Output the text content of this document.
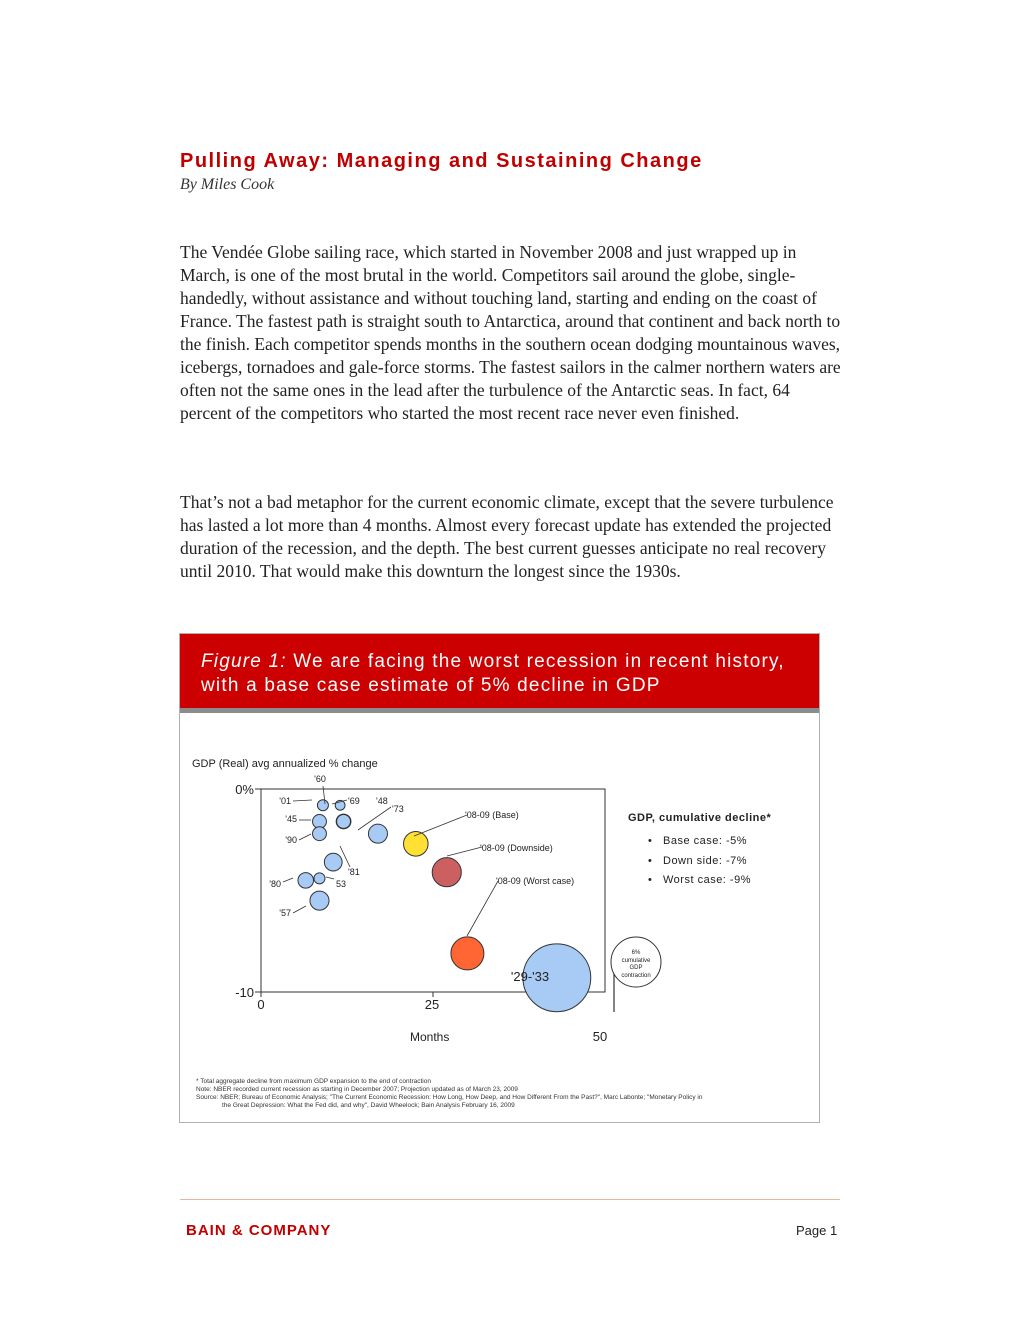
Pulling Away: Managing and Sustaining Change
By Miles Cook

The Vendée Globe sailing race, which started in November 2008 and just wrapped up in March, is one of the most brutal in the world. Competitors sail around the globe, single-handedly, without assistance and without touching land, starting and ending on the coast of France. The fastest path is straight south to Antarctica, around that continent and back north to the finish. Each competitor spends months in the southern ocean dodging mountainous waves, icebergs, tornadoes and gale-force storms. The fastest sailors in the calmer northern waters are often not the same ones in the lead after the turbulence of the Antarctic seas. In fact, 64 percent of the competitors who started the most recent race never even finished.

That’s not a bad metaphor for the current economic climate, except that the severe turbulence has lasted a lot more than 4 months. Almost every forecast update has extended the projected duration of the recession, and the depth. The best current guesses anticipate no real recovery until 2010. That would make this downturn the longest since the 1930s.

Figure 1: We are facing the worst recession in recent history, with a base case estimate of 5% decline in GDP
'60
'01	'69 '48
'73
'45
'90
'81
'80	53
'57
'08-09 (Base)
'08-09 (Downside)
'08-09 (Worst case)
'29-'33
GDP (Real) avg annualized % change
Months
0%
-10
0	25
50
GDP, cumulative decline*
• Base case: -5%
• Down side: -7%
• Worst case: -9%
6%
cumulative
GDP
contraction
* Total aggregate decline from maximum GDP expansion to the end of contraction
Note: NBER recorded current recession as starting in December 2007; Projection updated as of March 23, 2009
Source: NBER; Bureau of Economic Analysis; "The Current Economic Recession: How Long, How Deep, and How Different From the Past?", Marc Labonte; "Monetary Policy in
the Great Depression: What the Fed did, and why", David Wheelock; Bain Analysis February 16, 2009
BAIN & COMPANY	Page 1
